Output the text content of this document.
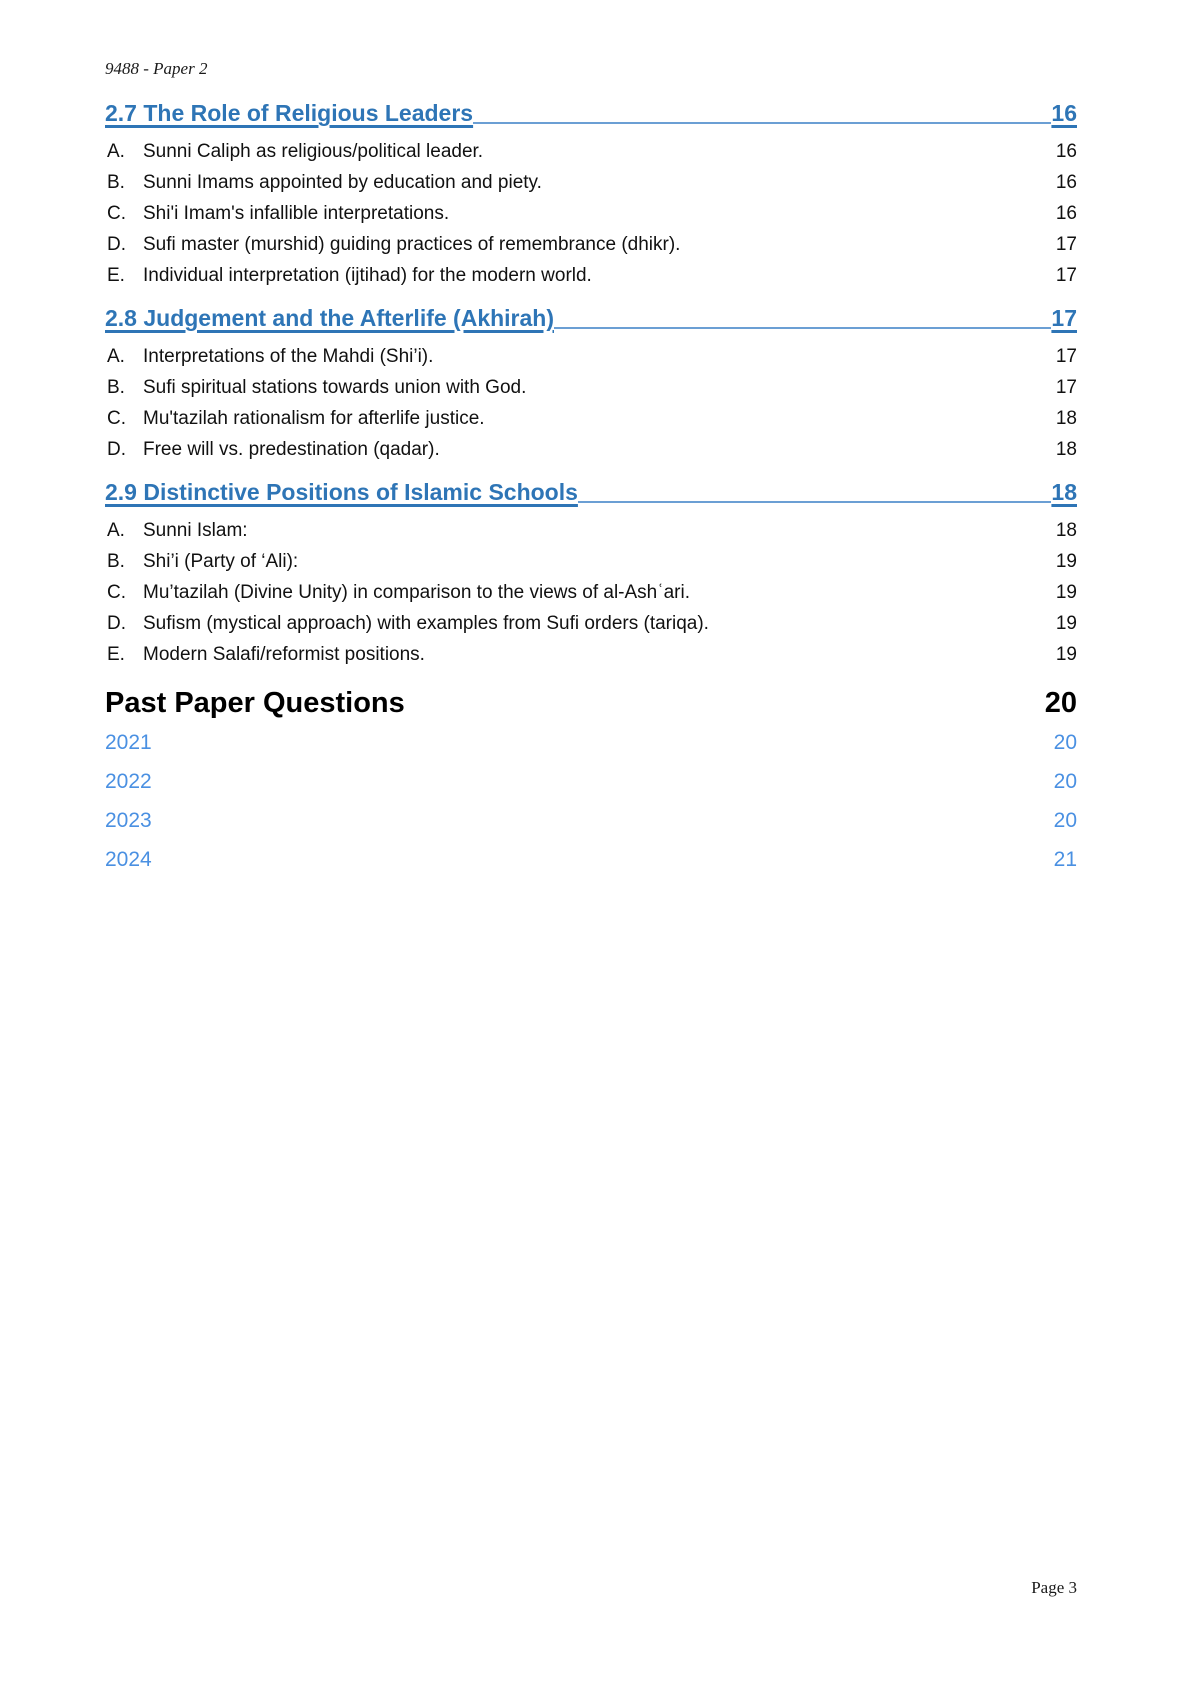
9488 - Paper 2
2.7 The Role of Religious Leaders	16
A. Sunni Caliph as religious/political leader.	16
B. Sunni Imams appointed by education and piety.	16
C. Shi'i Imam's infallible interpretations.	16
D. Sufi master (murshid) guiding practices of remembrance (dhikr).	17
E. Individual interpretation (ijtihad) for the modern world.	17
2.8 Judgement and the Afterlife (Akhirah)	17
A. Interpretations of the Mahdi (Shi’i).	17
B. Sufi spiritual stations towards union with God.	17
C. Mu'tazilah rationalism for afterlife justice.	18
D. Free will vs. predestination (qadar).	18
2.9 Distinctive Positions of Islamic Schools	18
A. Sunni Islam:	18
B. Shi’i (Party of ‘Ali):	19
C. Mu’tazilah (Divine Unity) in comparison to the views of al-Ashʿari.	19
D. Sufism (mystical approach) with examples from Sufi orders (tariqa).	19
E. Modern Salafi/reformist positions.	19
Past Paper Questions	20
2021	20
2022	20
2023	20
2024	21
Page 3
